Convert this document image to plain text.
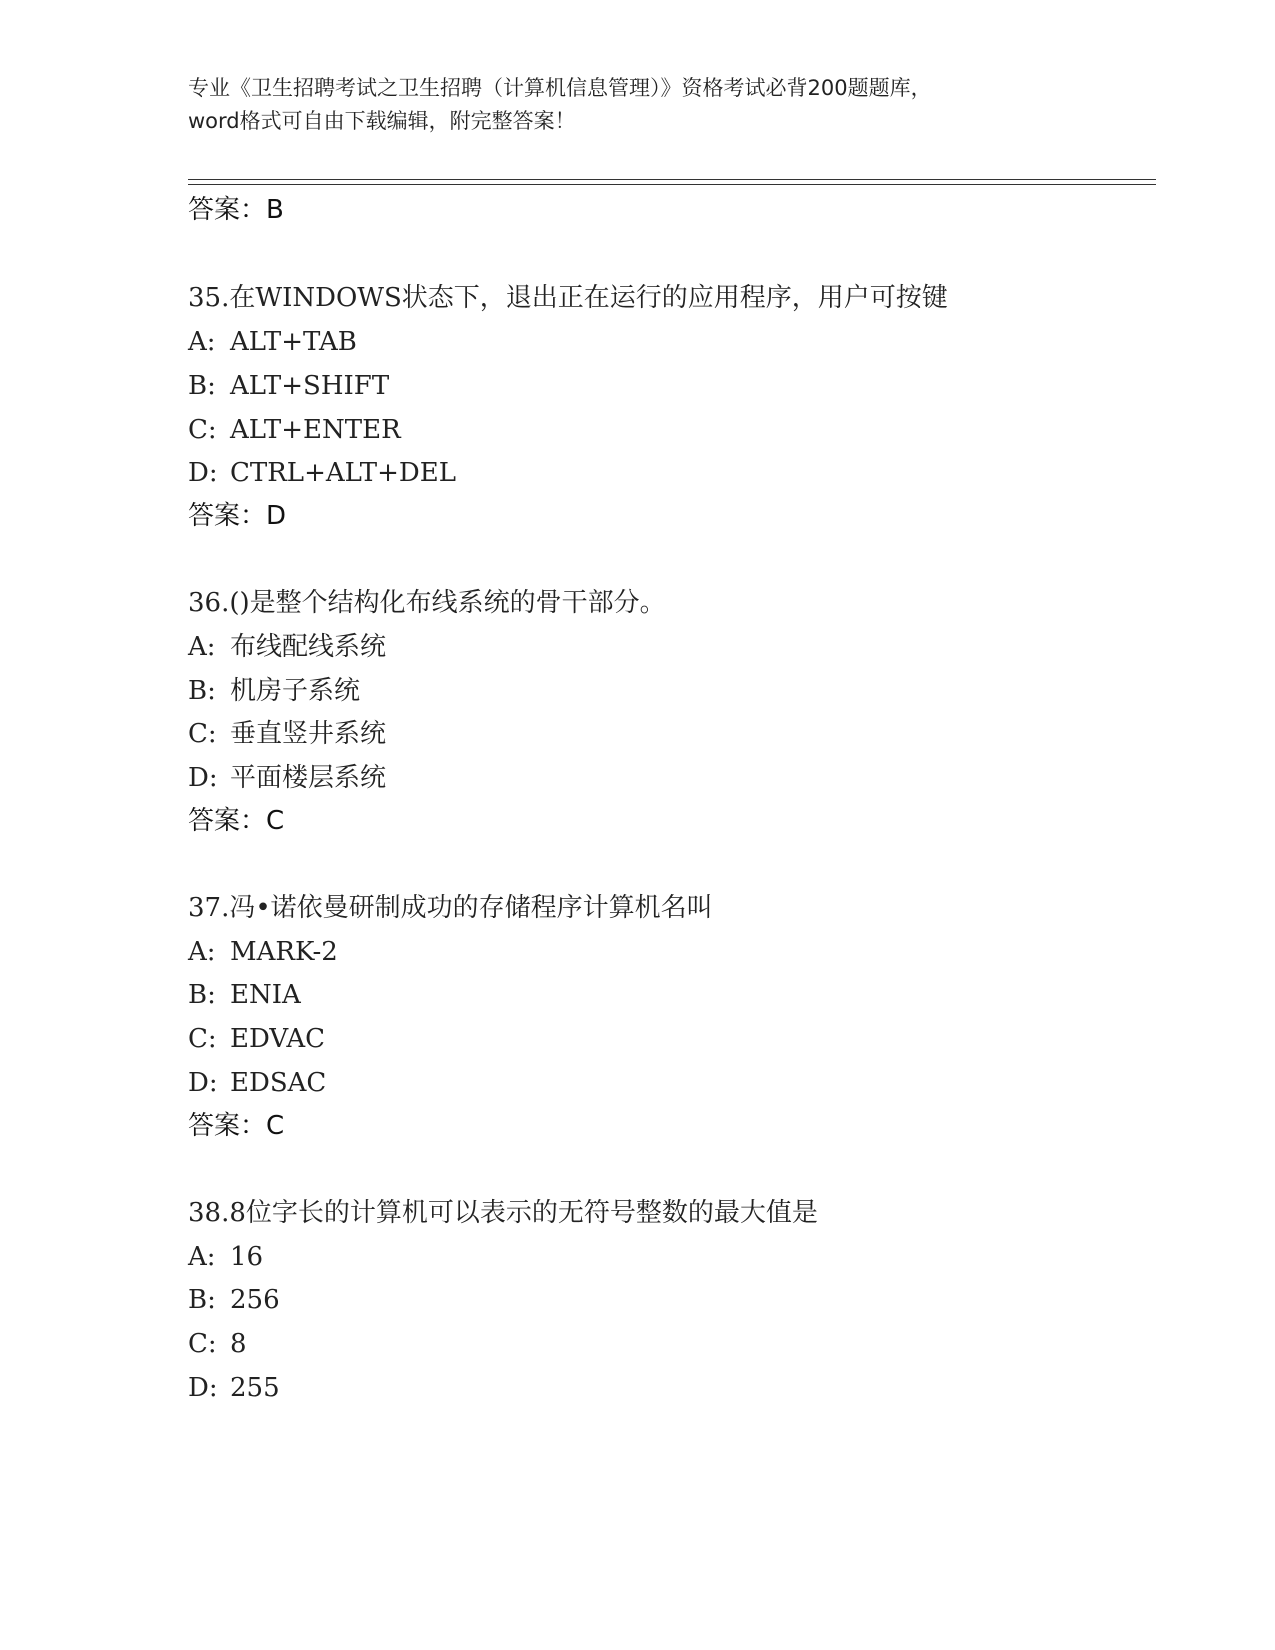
专业《卫生招聘考试之卫生招聘（计算机信息管理）》资格考试必背200题题库，
word格式可自由下载编辑，附完整答案！
答案：B
35.在WINDOWS状态下，退出正在运行的应用程序，用户可按键
A: ALT+TAB
B: ALT+SHIFT
C: ALT+ENTER
D: CTRL+ALT+DEL
答案：D
36.()是整个结构化布线系统的骨干部分。
A: 布线配线系统
B: 机房子系统
C: 垂直竖井系统
D: 平面楼层系统
答案：C
37.冯•诺依曼研制成功的存储程序计算机名叫
A: MARK-2
B: ENIA
C: EDVAC
D: EDSAC
答案：C
38.8位字长的计算机可以表示的无符号整数的最大值是
A: 16
B: 256
C: 8
D: 255
